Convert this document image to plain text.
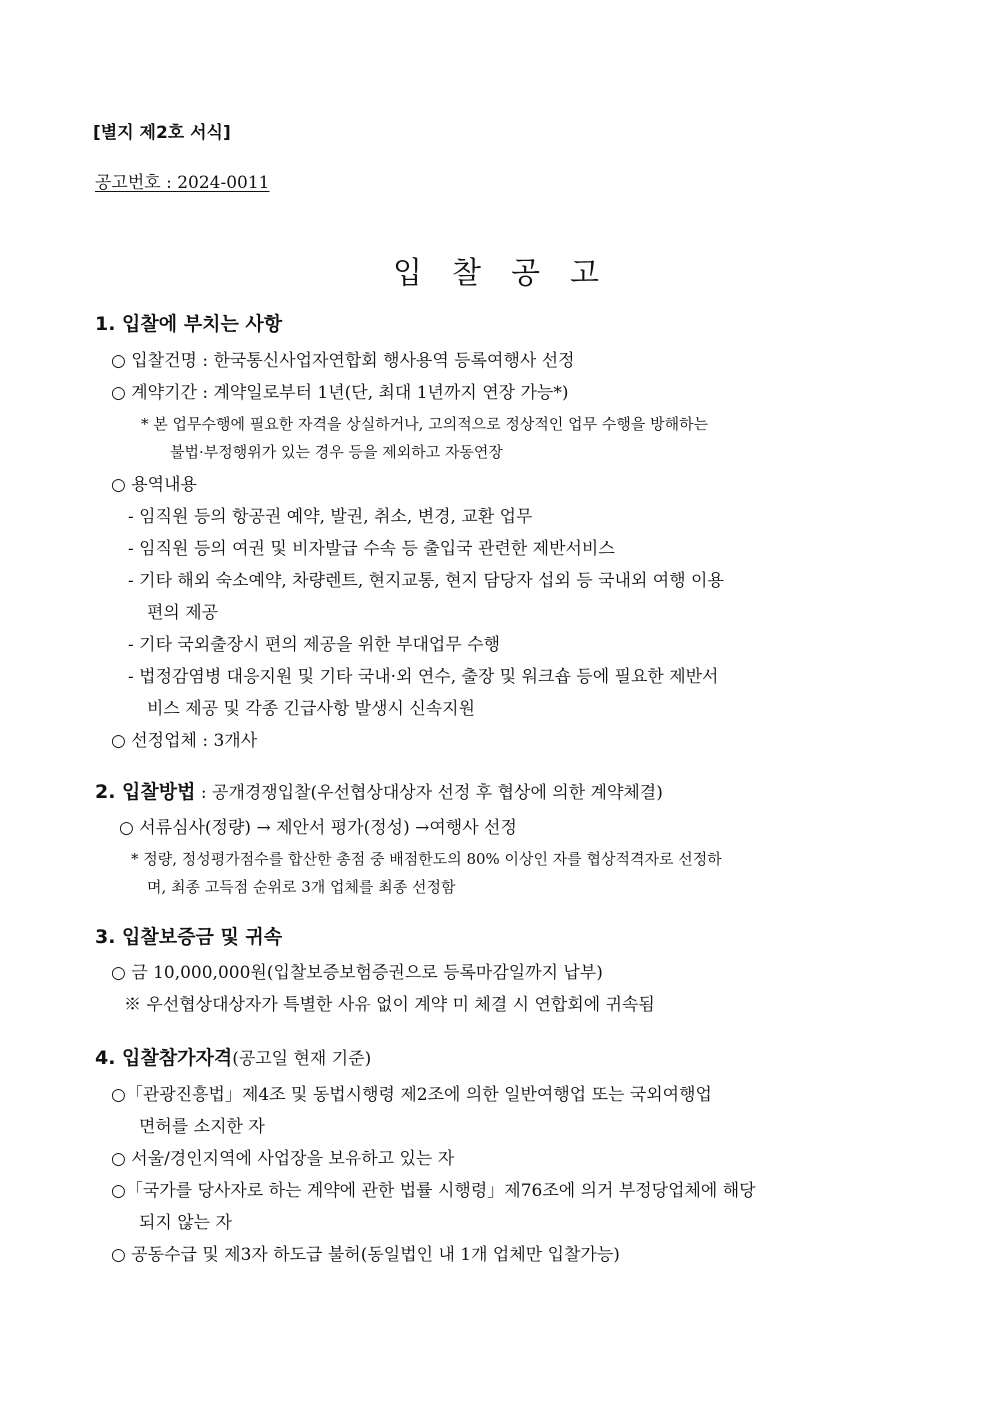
[별지 제2호 서식]
공고번호 : 2024-0011
입찰공고
1. 입찰에 부치는 사항
○ 입찰건명 : 한국통신사업자연합회 행사용역 등록여행사 선정
○ 계약기간 : 계약일로부터 1년(단, 최대 1년까지 연장 가능*)
* 본 업무수행에 필요한 자격을 상실하거나, 고의적으로 정상적인 업무 수행을 방해하는
불법·부정행위가 있는 경우 등을 제외하고 자동연장
○ 용역내용
- 임직원 등의 항공권 예약, 발권, 취소, 변경, 교환 업무
- 임직원 등의 여권 및 비자발급 수속 등 출입국 관련한 제반서비스
- 기타 해외 숙소예약, 차량렌트, 현지교통, 현지 담당자 섭외 등 국내외 여행 이용
편의 제공
- 기타 국외출장시 편의 제공을 위한 부대업무 수행
- 법정감염병 대응지원 및 기타 국내·외 연수, 출장 및 워크숍 등에 필요한 제반서
비스 제공 및 각종 긴급사항 발생시 신속지원
○ 선정업체 : 3개사
2. 입찰방법 : 공개경쟁입찰(우선협상대상자 선정 후 협상에 의한 계약체결)
○ 서류심사(정량) → 제안서 평가(정성) →여행사 선정
* 정량, 정성평가점수를 합산한 총점 중 배점한도의 80% 이상인 자를 협상적격자로 선정하
며, 최종 고득점 순위로 3개 업체를 최종 선정함
3. 입찰보증금 및 귀속
○ 금 10,000,000원(입찰보증보험증권으로 등록마감일까지 납부)
※ 우선협상대상자가 특별한 사유 없이 계약 미 체결 시 연합회에 귀속됨
4. 입찰참가자격(공고일 현재 기준)
○「관광진흥법」제4조 및 동법시행령 제2조에 의한 일반여행업 또는 국외여행업
면허를 소지한 자
○ 서울/경인지역에 사업장을 보유하고 있는 자
○「국가를 당사자로 하는 계약에 관한 법률 시행령」제76조에 의거 부정당업체에 해당
되지 않는 자
○ 공동수급 및 제3자 하도급 불허(동일법인 내 1개 업체만 입찰가능)
